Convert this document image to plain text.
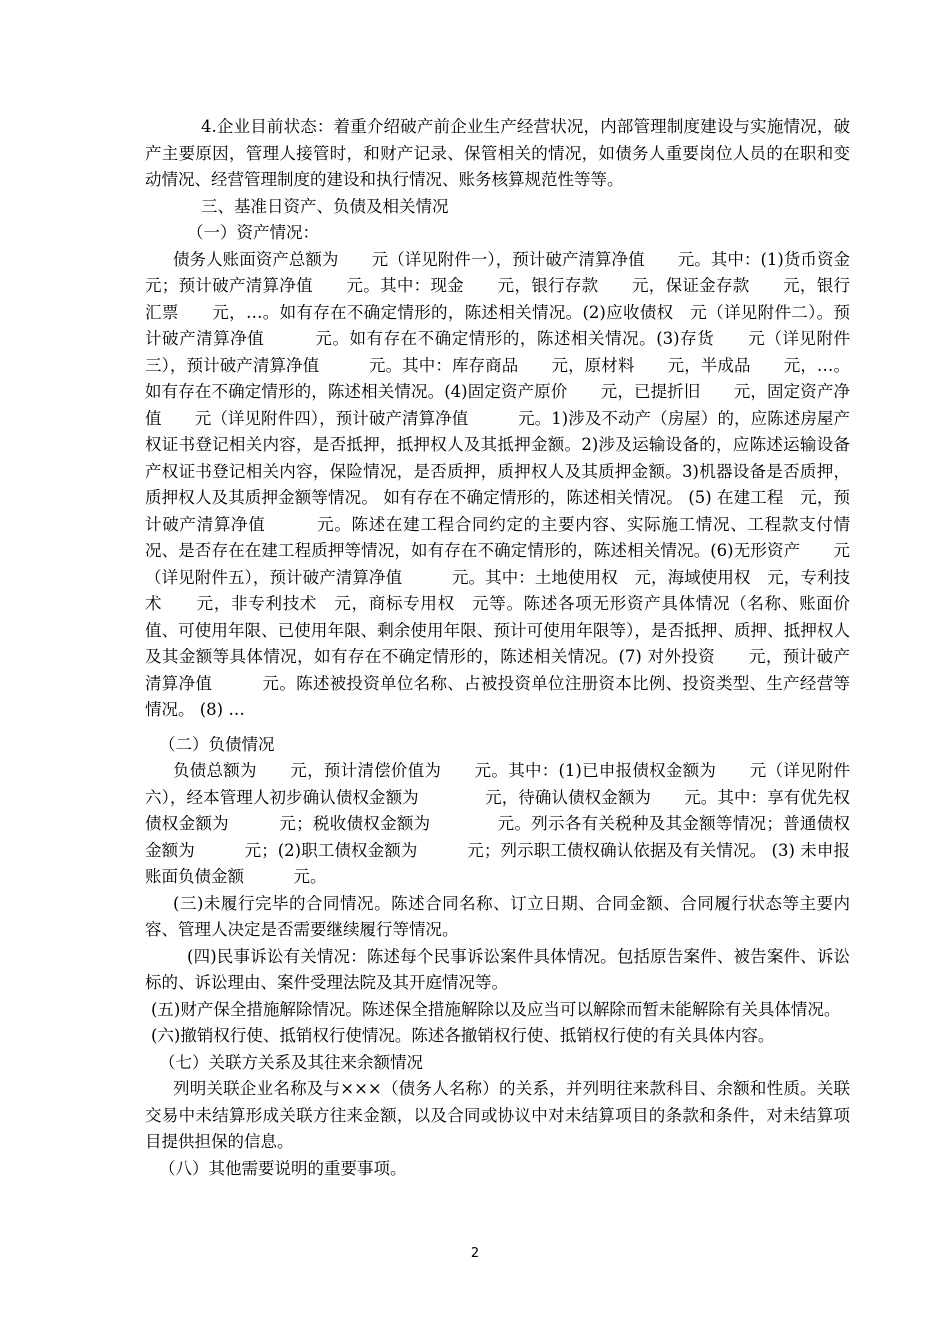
4.企业目前状态：着重介绍破产前企业生产经营状况，内部管理制度建设与实施情况，破产主要原因，管理人接管时，和财产记录、保管相关的情况，如债务人重要岗位人员的在职和变动情况、经营管理制度的建设和执行情况、账务核算规范性等等。

三、基准日资产、负债及相关情况

（一）资产情况：

债务人账面资产总额为　　元（详见附件一），预计破产清算净值　　元。其中：(1)货币资金　元；预计破产清算净值　　元。其中：现金　　元，银行存款　　元，保证金存款　　元，银行汇票　　元，…。如有存在不确定情形的，陈述相关情况。(2)应收债权　元（详见附件二）。预计破产清算净值　　　元。如有存在不确定情形的，陈述相关情况。(3)存货　　元（详见附件三），预计破产清算净值　　　元。其中：库存商品　　元，原材料　　元，半成品　　元，…。如有存在不确定情形的，陈述相关情况。(4)固定资产原价　　元，已提折旧　　元，固定资产净值　　元（详见附件四），预计破产清算净值　　　元。1)涉及不动产（房屋）的，应陈述房屋产权证书登记相关内容，是否抵押，抵押权人及其抵押金额。2)涉及运输设备的，应陈述运输设备产权证书登记相关内容，保险情况，是否质押，质押权人及其质押金额。3)机器设备是否质押，质押权人及其质押金额等情况。 如有存在不确定情形的，陈述相关情况。 (5) 在建工程　元，预计破产清算净值　　　元。陈述在建工程合同约定的主要内容、实际施工情况、工程款支付情况、是否存在在建工程质押等情况，如有存在不确定情形的，陈述相关情况。(6)无形资产　　元（详见附件五），预计破产清算净值　　　元。其中：土地使用权　元，海域使用权　元，专利技术　　元，非专利技术　元，商标专用权　元等。陈述各项无形资产具体情况（名称、账面价值、可使用年限、已使用年限、剩余使用年限、预计可使用年限等），是否抵押、质押、抵押权人及其金额等具体情况，如有存在不确定情形的，陈述相关情况。(7) 对外投资　　元，预计破产清算净值　　　元。陈述被投资单位名称、占被投资单位注册资本比例、投资类型、生产经营等情况。 (8) …

（二）负债情况

负债总额为　　元，预计清偿价值为　　元。其中：(1)已申报债权金额为　　元（详见附件六），经本管理人初步确认债权金额为　　　　元，待确认债权金额为　　元。其中：享有优先权债权金额为　　　元；税收债权金额为　　　　元。列示各有关税种及其金额等情况；普通债权金额为　　　元；(2)职工债权金额为　　　元；列示职工债权确认依据及有关情况。 (3) 未申报账面负债金额　　　元。

(三)未履行完毕的合同情况。陈述合同名称、订立日期、合同金额、合同履行状态等主要内容、管理人决定是否需要继续履行等情况。

(四)民事诉讼有关情况：陈述每个民事诉讼案件具体情况。包括原告案件、被告案件、诉讼标的、诉讼理由、案件受理法院及其开庭情况等。

(五)财产保全措施解除情况。陈述保全措施解除以及应当可以解除而暂未能解除有关具体情况。

(六)撤销权行使、抵销权行使情况。陈述各撤销权行使、抵销权行使的有关具体内容。

（七）关联方关系及其往来余额情况

列明关联企业名称及与×××（债务人名称）的关系，并列明往来款科目、余额和性质。关联交易中未结算形成关联方往来金额，以及合同或协议中对未结算项目的条款和条件，对未结算项目提供担保的信息。

（八）其他需要说明的重要事项。

2
